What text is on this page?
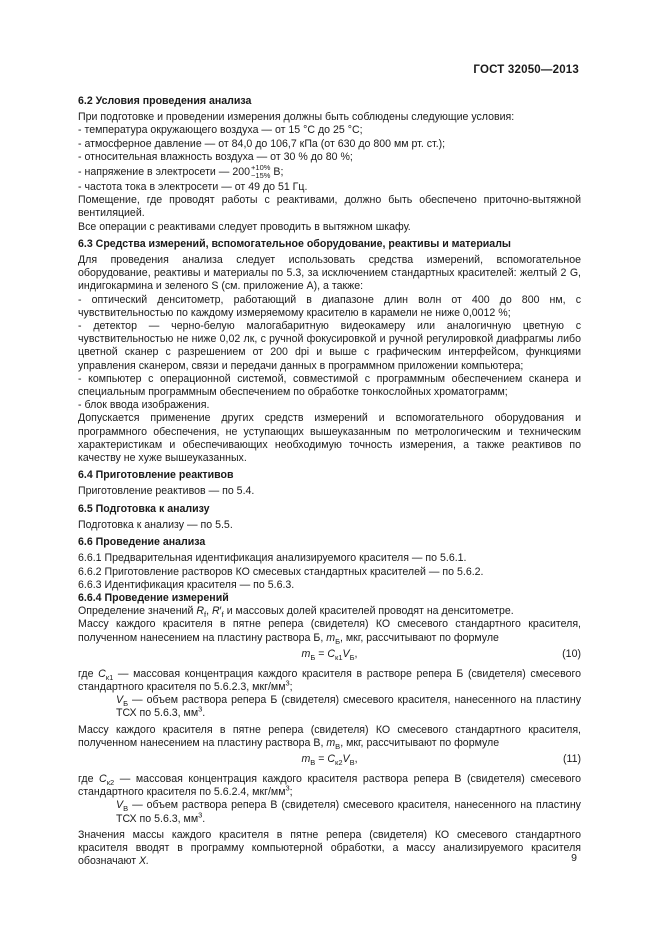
ГОСТ 32050—2013
6.2 Условия проведения анализа
При подготовке и проведении измерения должны быть соблюдены следующие условия:
- температура окружающего воздуха — от 15 °С до 25 °С;
- атмосферное давление — от 84,0 до 106,7 кПа (от 630 до 800 мм рт. ст.);
- относительная влажность воздуха — от 30 % до 80 %;
- напряжение в электросети — 200 +10%
−15% В;
- частота тока в электросети — от 49 до 51 Гц.
Помещение, где проводят работы с реактивами, должно быть обеспечено приточно-вытяжной вентиляцией.
Все операции с реактивами следует проводить в вытяжном шкафу.
6.3 Средства измерений, вспомогательное оборудование, реактивы и материалы
Для проведения анализа следует использовать средства измерений, вспомогательное оборудование, реактивы и материалы по 5.3, за исключением стандартных красителей: желтый 2 G, индигокармина и зеленого S (см. приложение А), а также:
- оптический денситометр, работающий в диапазоне длин волн от 400 до 800 нм, с чувствительностью по каждому измеряемому красителю в карамели не ниже 0,0012 %;
- детектор — черно-белую малогабаритную видеокамеру или аналогичную цветную с чувствительностью не ниже 0,02 лк, с ручной фокусировкой и ручной регулировкой диафрагмы либо цветной сканер с разрешением от 200 dpi и выше с графическим интерфейсом, функциями управления сканером, связи и передачи данных в программном приложении компьютера;
- компьютер с операционной системой, совместимой с программным обеспечением сканера и специальным программным обеспечением по обработке тонкослойных хроматограмм;
- блок ввода изображения.
Допускается применение других средств измерений и вспомогательного оборудования и программного обеспечения, не уступающих вышеуказанным по метрологическим и техническим характеристикам и обеспечивающих необходимую точность измерения, а также реактивов по качеству не хуже вышеуказанных.
6.4 Приготовление реактивов
Приготовление реактивов — по 5.4.
6.5 Подготовка к анализу
Подготовка к анализу — по 5.5.
6.6 Проведение анализа
6.6.1 Предварительная идентификация анализируемого красителя — по 5.6.1.
6.6.2 Приготовление растворов КО смесевых стандартных красителей — по 5.6.2.
6.6.3 Идентификация красителя — по 5.6.3.
6.6.4 Проведение измерений
Определение значений $R_f$, $R'_f$ и массовых долей красителей проводят на денситометре.
Массу каждого красителя в пятне репера (свидетеля) КО смесевого стандартного красителя, полученном нанесением на пластину раствора Б, $m_Б$, мкг, рассчитывают по формуле
$m_Б = C_{к1}V_Б$,	(10)
где $C_{к1}$ — массовая концентрация каждого красителя в растворе репера Б (свидетеля) смесевого стандартного красителя по 5.6.2.3, мкг/$мм^3$;
$V_Б$ — объем раствора репера Б (свидетеля) смесевого красителя, нанесенного на пластину ТСХ по 5.6.3, $мм^3$.
Массу каждого красителя в пятне репера (свидетеля) КО смесевого стандартного красителя, полученном нанесением на пластину раствора В, $m_В$, мкг, рассчитывают по формуле
$m_В = C_{к2}V_В$,	(11)
где $C_{к2}$ — массовая концентрация каждого красителя раствора репера В (свидетеля) смесевого стандартного красителя по 5.6.2.4, мкг/$мм^3$;
$V_В$ — объем раствора репера В (свидетеля) смесевого красителя, нанесенного на пластину ТСХ по 5.6.3, $мм^3$.
Значения массы каждого красителя в пятне репера (свидетеля) КО смесевого стандартного красителя вводят в программу компьютерной обработки, а массу анализируемого красителя обозначают X.	9
